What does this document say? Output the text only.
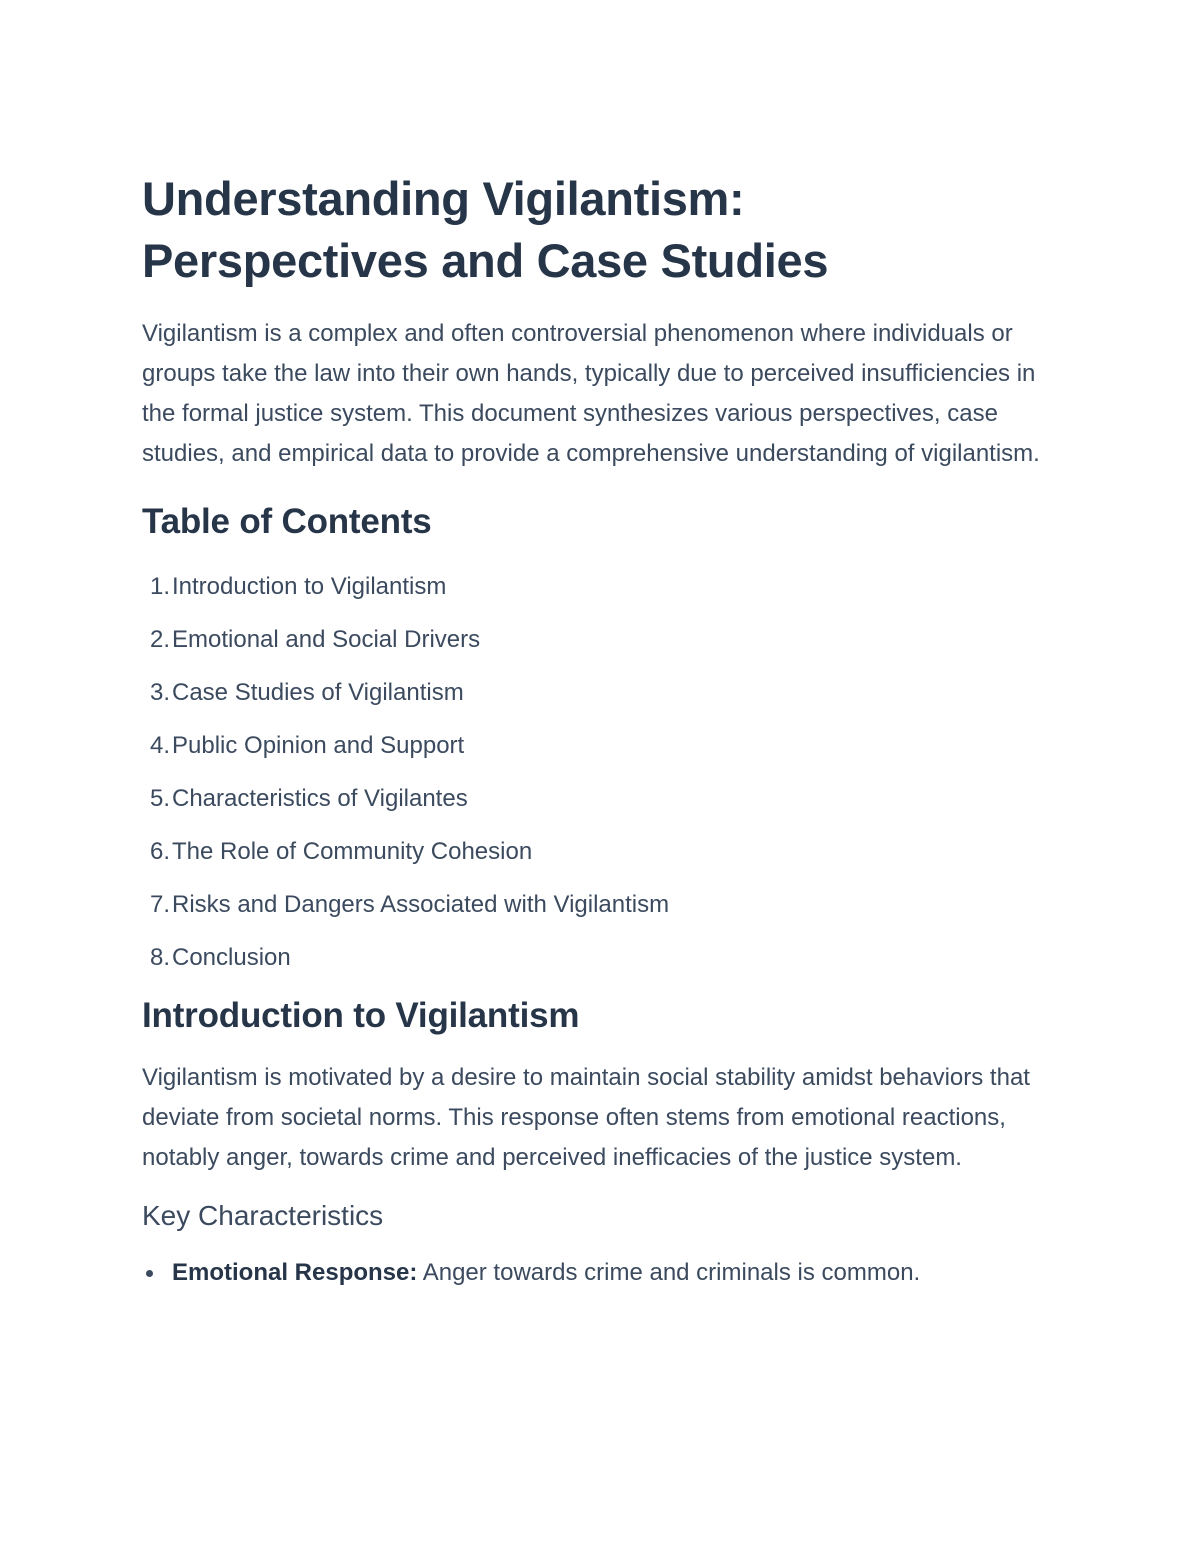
Understanding Vigilantism: Perspectives and Case Studies

Vigilantism is a complex and often controversial phenomenon where individuals or groups take the law into their own hands, typically due to perceived insufficiencies in the formal justice system. This document synthesizes various perspectives, case studies, and empirical data to provide a comprehensive understanding of vigilantism.

Table of Contents
1. Introduction to Vigilantism
2. Emotional and Social Drivers
3. Case Studies of Vigilantism
4. Public Opinion and Support
5. Characteristics of Vigilantes
6. The Role of Community Cohesion
7. Risks and Dangers Associated with Vigilantism
8. Conclusion
Introduction to Vigilantism

Vigilantism is motivated by a desire to maintain social stability amidst behaviors that deviate from societal norms. This response often stems from emotional reactions, notably anger, towards crime and perceived inefficacies of the justice system.

Key Characteristics
Emotional Response: Anger towards crime and criminals is common.
